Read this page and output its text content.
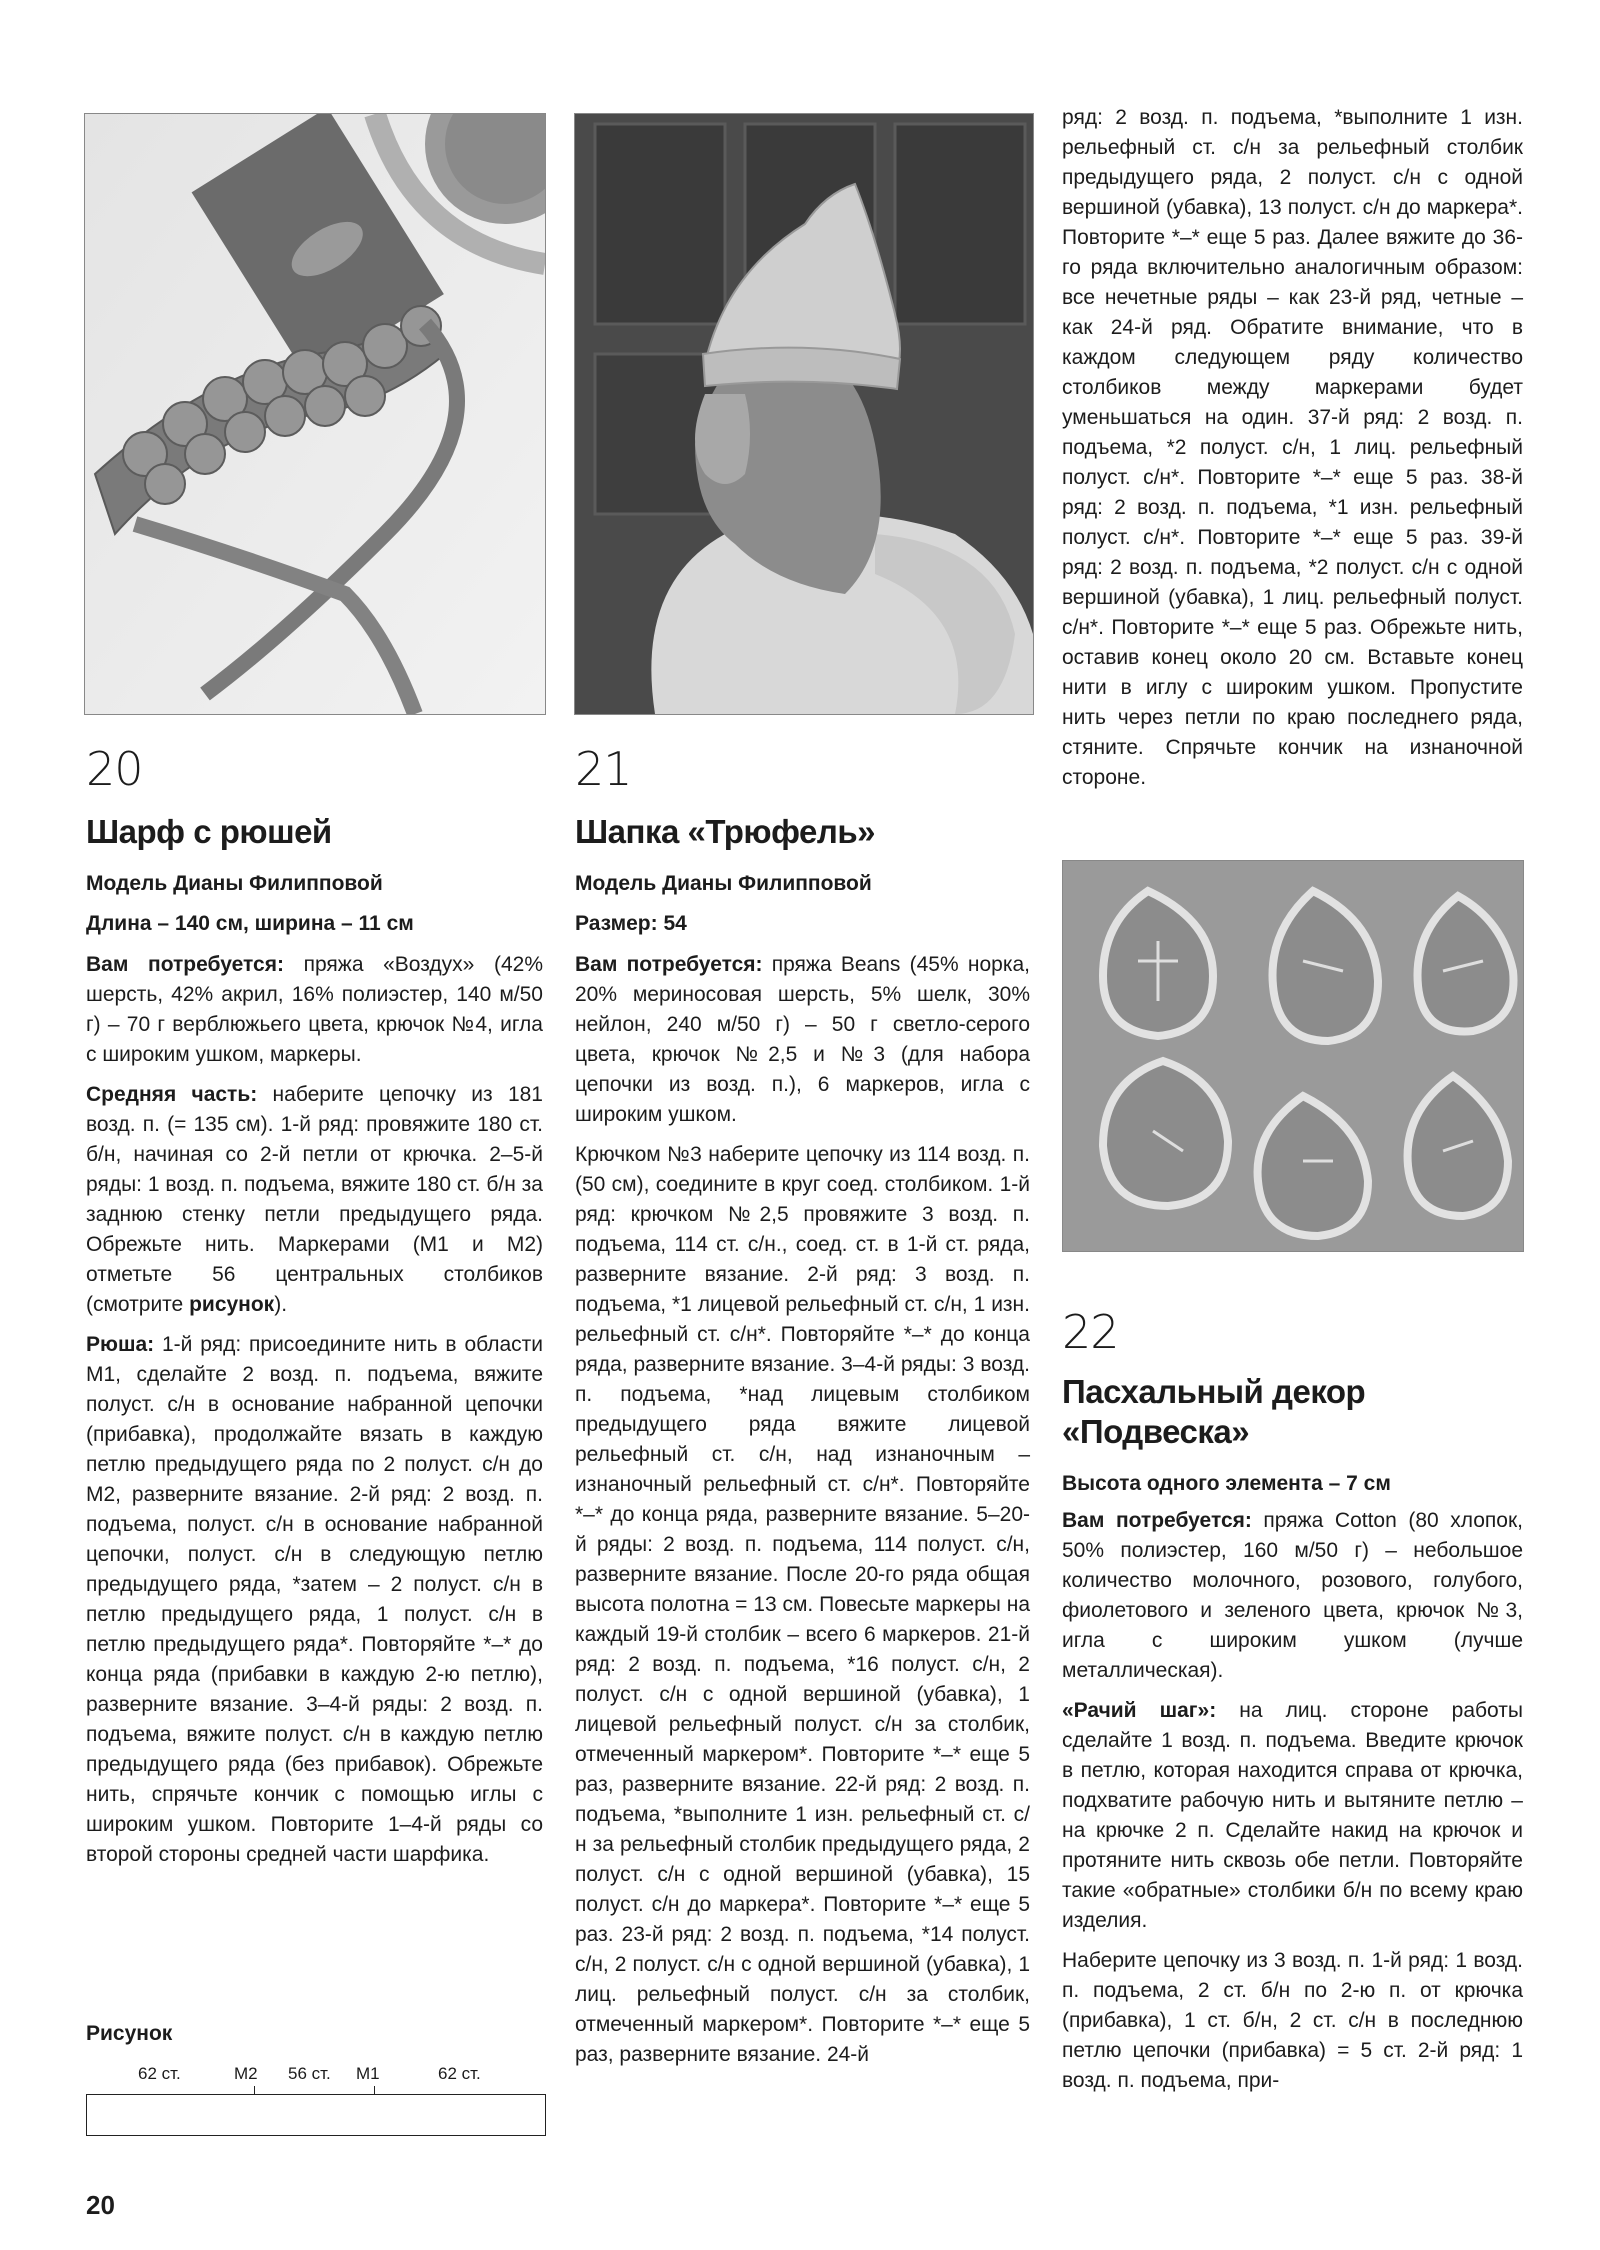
20
Шарф с рюшей
Модель Дианы Филипповой
Длина – 140 см, ширина – 11 см

Вам потребуется: пряжа «Воздух» (42% шерсть, 42% акрил, 16% полиэстер, 140 м/50 г) – 70 г верблюжьего цвета, крючок №4, игла с широким ушком, маркеры.

Средняя часть: наберите цепочку из 181 возд. п. (= 135 см). 1-й ряд: провяжите 180 ст. б/н, начиная со 2-й петли от крючка. 2–5-й ряды: 1 возд. п. подъема, вяжите 180 ст. б/н за заднюю стенку петли предыдущего ряда. Обрежьте нить. Маркерами (М1 и М2) отметьте 56 центральных столбиков (смотрите рисунок).

Рюша: 1-й ряд: присоедините нить в области М1, сделайте 2 возд. п. подъема, вяжите полуст. с/н в основание набранной цепочки (прибавка), продолжайте вязать в каждую петлю предыдущего ряда по 2 полуст. с/н до М2, разверните вязание. 2-й ряд: 2 возд. п. подъема, полуст. с/н в основание набранной цепочки, полуст. с/н в следующую петлю предыдущего ряда, *затем – 2 полуст. с/н в петлю предыдущего ряда, 1 полуст. с/н в петлю предыдущего ряда*. Повторяйте *–* до конца ряда (прибавки в каждую 2-ю петлю), разверните вязание. 3–4-й ряды: 2 возд. п. подъема, вяжите полуст. с/н в каждую петлю предыдущего ряда (без прибавок). Обрежьте нить, спрячьте кончик с помощью иглы с широким ушком. Повторите 1–4-й ряды со второй стороны средней части шарфика.

Рисунок
62 ст.	M2 56 ст. M1	62 ст.
21
Шапка «Трюфель»
Модель Дианы Филипповой
Размер: 54

Вам потребуется: пряжа Beans (45% норка, 20% мериносовая шерсть, 5% шелк, 30% нейлон, 240 м/50 г) – 50 г светло-серого цвета, крючок №2,5 и №3 (для набора цепочки из возд. п.), 6 маркеров, игла с широким ушком.

Крючком №3 наберите цепочку из 114 возд. п. (50 см), соедините в круг соед. столбиком. 1-й ряд: крючком №2,5 провяжите 3 возд. п. подъема, 114 ст. с/н., соед. ст. в 1-й ст. ряда, разверните вязание. 2-й ряд: 3 возд. п. подъема, *1 лицевой рельефный ст. с/н, 1 изн. рельефный ст. с/н*. Повторяйте *–* до конца ряда, разверните вязание. 3–4-й ряды: 3 возд. п. подъема, *над лицевым столбиком предыдущего ряда вяжите лицевой рельефный ст. с/н, над изнаночным – изнаночный рельефный ст. с/н*. Повторяйте *–* до конца ряда, разверните вязание. 5–20-й ряды: 2 возд. п. подъема, 114 полуст. с/н, разверните вязание. После 20-го ряда общая высота полотна = 13 см. Повесьте маркеры на каждый 19-й столбик – всего 6 маркеров. 21-й ряд: 2 возд. п. подъема, *16 полуст. с/н, 2 полуст. с/н с одной вершиной (убавка), 1 лицевой рельефный полуст. с/н за столбик, отмеченный маркером*. Повторите *–* еще 5 раз, разверните вязание. 22-й ряд: 2 возд. п. подъема, *выполните 1 изн. рельефный ст. с/н за рельефный столбик предыдущего ряда, 2 полуст. с/н с одной вершиной (убавка), 15 полуст. с/н до маркера*. Повторите *–* еще 5 раз. 23-й ряд: 2 возд. п. подъема, *14 полуст. с/н, 2 полуст. с/н с одной вершиной (убавка), 1 лиц. рельефный полуст. с/н за столбик, отмеченный маркером*. Повторите *–* еще 5 раз, разверните вязание. 24-й

ряд: 2 возд. п. подъема, *выполните 1 изн. рельефный ст. с/н за рельефный столбик предыдущего ряда, 2 полуст. с/н с одной вершиной (убавка), 13 полуст. с/н до маркера*. Повторите *–* еще 5 раз. Далее вяжите до 36-го ряда включительно аналогичным образом: все нечетные ряды – как 23-й ряд, четные – как 24-й ряд. Обратите внимание, что в каждом следующем ряду количество столбиков между маркерами будет уменьшаться на один. 37-й ряд: 2 возд. п. подъема, *2 полуст. с/н, 1 лиц. рельефный полуст. с/н*. Повторите *–* еще 5 раз. 38-й ряд: 2 возд. п. подъема, *1 изн. рельефный полуст. с/н*. Повторите *–* еще 5 раз. 39-й ряд: 2 возд. п. подъема, *2 полуст. с/н с одной вершиной (убавка), 1 лиц. рельефный полуст. с/н*. Повторите *–* еще 5 раз. Обрежьте нить, оставив конец около 20 см. Вставьте конец нити в иглу с широким ушком. Пропустите нить через петли по краю последнего ряда, стяните. Спрячьте кончик на изнаночной стороне.

22
Пасхальный декор «Подвеска»
Высота одного элемента – 7 см

Вам потребуется: пряжа Cotton (80 хлопок, 50% полиэстер, 160 м/50 г) – небольшое количество молочного, розового, голубого, фиолетового и зеленого цвета, крючок №3, игла с широким ушком (лучше металлическая).

«Рачий шаг»: на лиц. стороне работы сделайте 1 возд. п. подъема. Введите крючок в петлю, которая находится справа от крючка, подхватите рабочую нить и вытяните петлю – на крючке 2 п. Сделайте накид на крючок и протяните нить сквозь обе петли. Повторяйте такие «обратные» столбики б/н по всему краю изделия.

Наберите цепочку из 3 возд. п. 1-й ряд: 1 возд. п. подъема, 2 ст. б/н по 2-ю п. от крючка (прибавка), 1 ст. б/н, 2 ст. с/н в последнюю петлю цепочки (прибавка) = 5 ст. 2-й ряд: 1 возд. п. подъема, при-

20
